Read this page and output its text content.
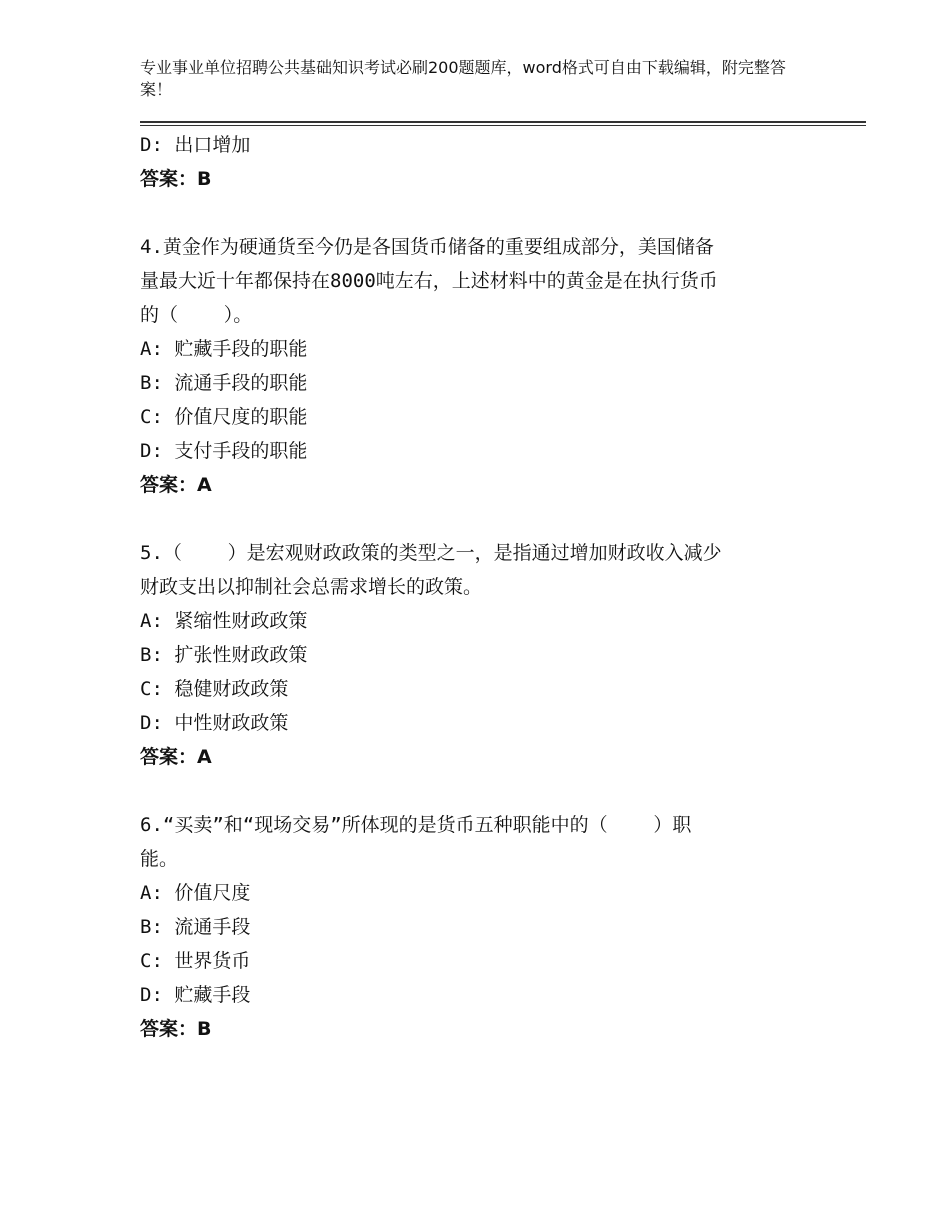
专业事业单位招聘公共基础知识考试必刷200题题库，word格式可自由下载编辑，附完整答案！
D: 出口增加
答案：B
4.黄金作为硬通货至今仍是各国货币储备的重要组成部分，美国储备
量最大近十年都保持在8000吨左右，上述材料中的黄金是在执行货币
的（    ）。
A: 贮藏手段的职能
B: 流通手段的职能
C: 价值尺度的职能
D: 支付手段的职能
答案：A
5.（    ）是宏观财政政策的类型之一，是指通过增加财政收入减少
财政支出以抑制社会总需求增长的政策。
A: 紧缩性财政政策
B: 扩张性财政政策
C: 稳健财政政策
D: 中性财政政策
答案：A
6.“买卖”和“现场交易”所体现的是货币五种职能中的（    ）职
能。
A: 价值尺度
B: 流通手段
C: 世界货币
D: 贮藏手段
答案：B
